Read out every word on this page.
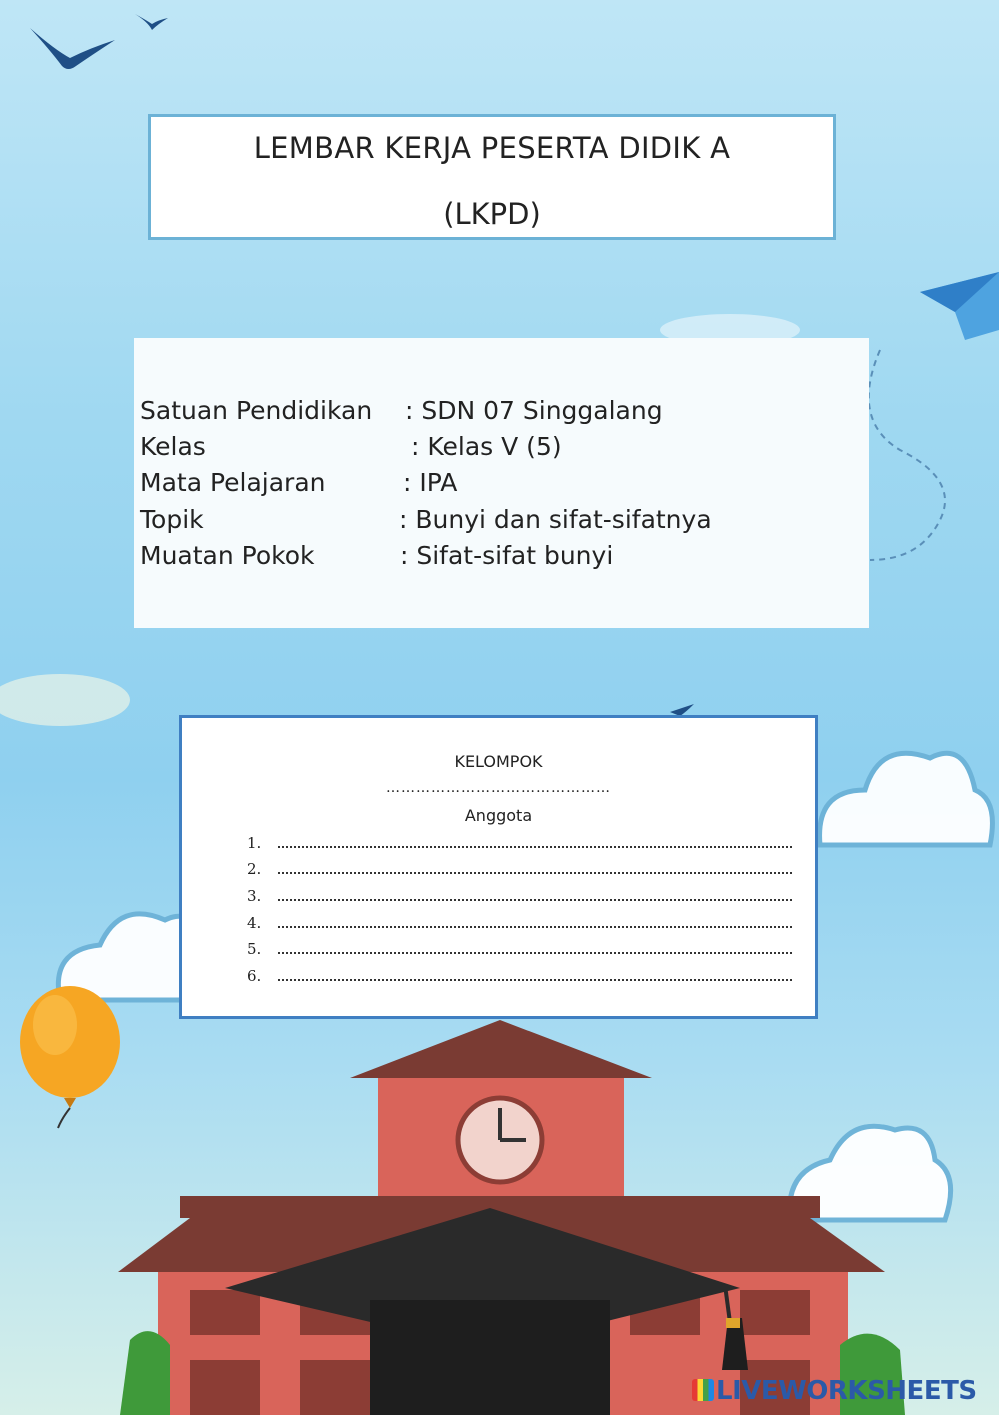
LEMBAR KERJA PESERTA DIDIK A
(LKPD)
Satuan Pendidikan : SDN 07 Singgalang
Kelas	: Kelas V (5)
Mata Pelajaran	: IPA
Topik	: Bunyi dan sifat-sifatnya
Muatan Pokok	: Sifat-sifat bunyi
KELOMPOK
………………………………………
Anggota
1.
2.
3.
4.
5.
6.
LIVEWORKSHEETS
